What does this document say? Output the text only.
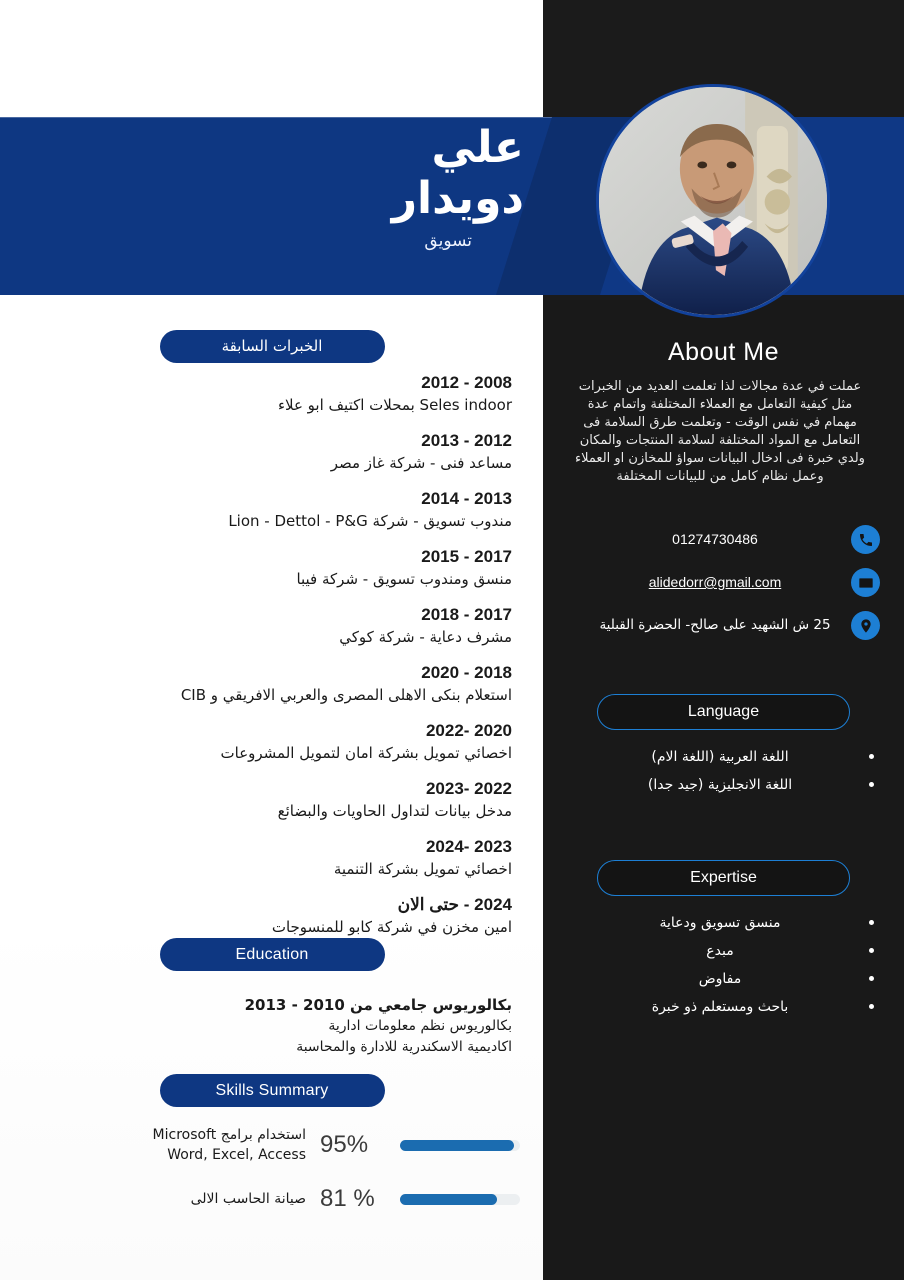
علي
دويدار
تسويق
الخبرات السابقة
2008 - 2012
Seles indoor بمحلات اكتيف ابو علاء
2012 - 2013
مساعد فنى - شركة غاز مصر
2013 - 2014
مندوب تسويق - شركة Lion - Dettol - P&G
2017 - 2015
منسق ومندوب تسويق - شركة فيبا
2017 - 2018
مشرف دعاية - شركة كوكي
2018 - 2020
استعلام بنكى الاهلى المصرى والعربي الافريقي و CIB
2020 -2022
اخصائي تمويل بشركة امان لتمويل المشروعات
2022 -2023
مدخل بيانات لتداول الحاويات والبضائع
2023 -2024
اخصائي تمويل بشركة التنمية
2024 - حتى الان
امين مخزن في شركة كابو للمنسوجات
Education
بكالوريوس جامعي من 2010 - 2013
بكالوريوس نظم معلومات ادارية
اكاديمية الاسكندرية للادارة والمحاسبة
Skills Summary
95%
استخدام برامج Microsoft
Word, Excel, Access
81 %
صيانة الحاسب الالى
About Me
عملت في عدة مجالات لذا تعلمت العديد من الخبرات مثل كيفية التعامل مع العملاء المختلفة واتمام عدة مهمام في نفس الوقت - وتعلمت طرق السلامة فى التعامل مع المواد المختلفة لسلامة المنتجات والمكان ولدي خبرة فى ادخال البيانات سواؤ للمخازن او العملاء وعمل نظام كامل من للبيانات المختلفة
01274730486
alidedorr@gmail.com
25 ش الشهيد على صالح- الحضرة القبلية
Language
اللغة العربية (اللغة الام)
اللغة الانجليزية (جيد جدا)
Expertise
منسق تسويق ودعاية
مبدع
مفاوض
باحث ومستعلم ذو خبرة
